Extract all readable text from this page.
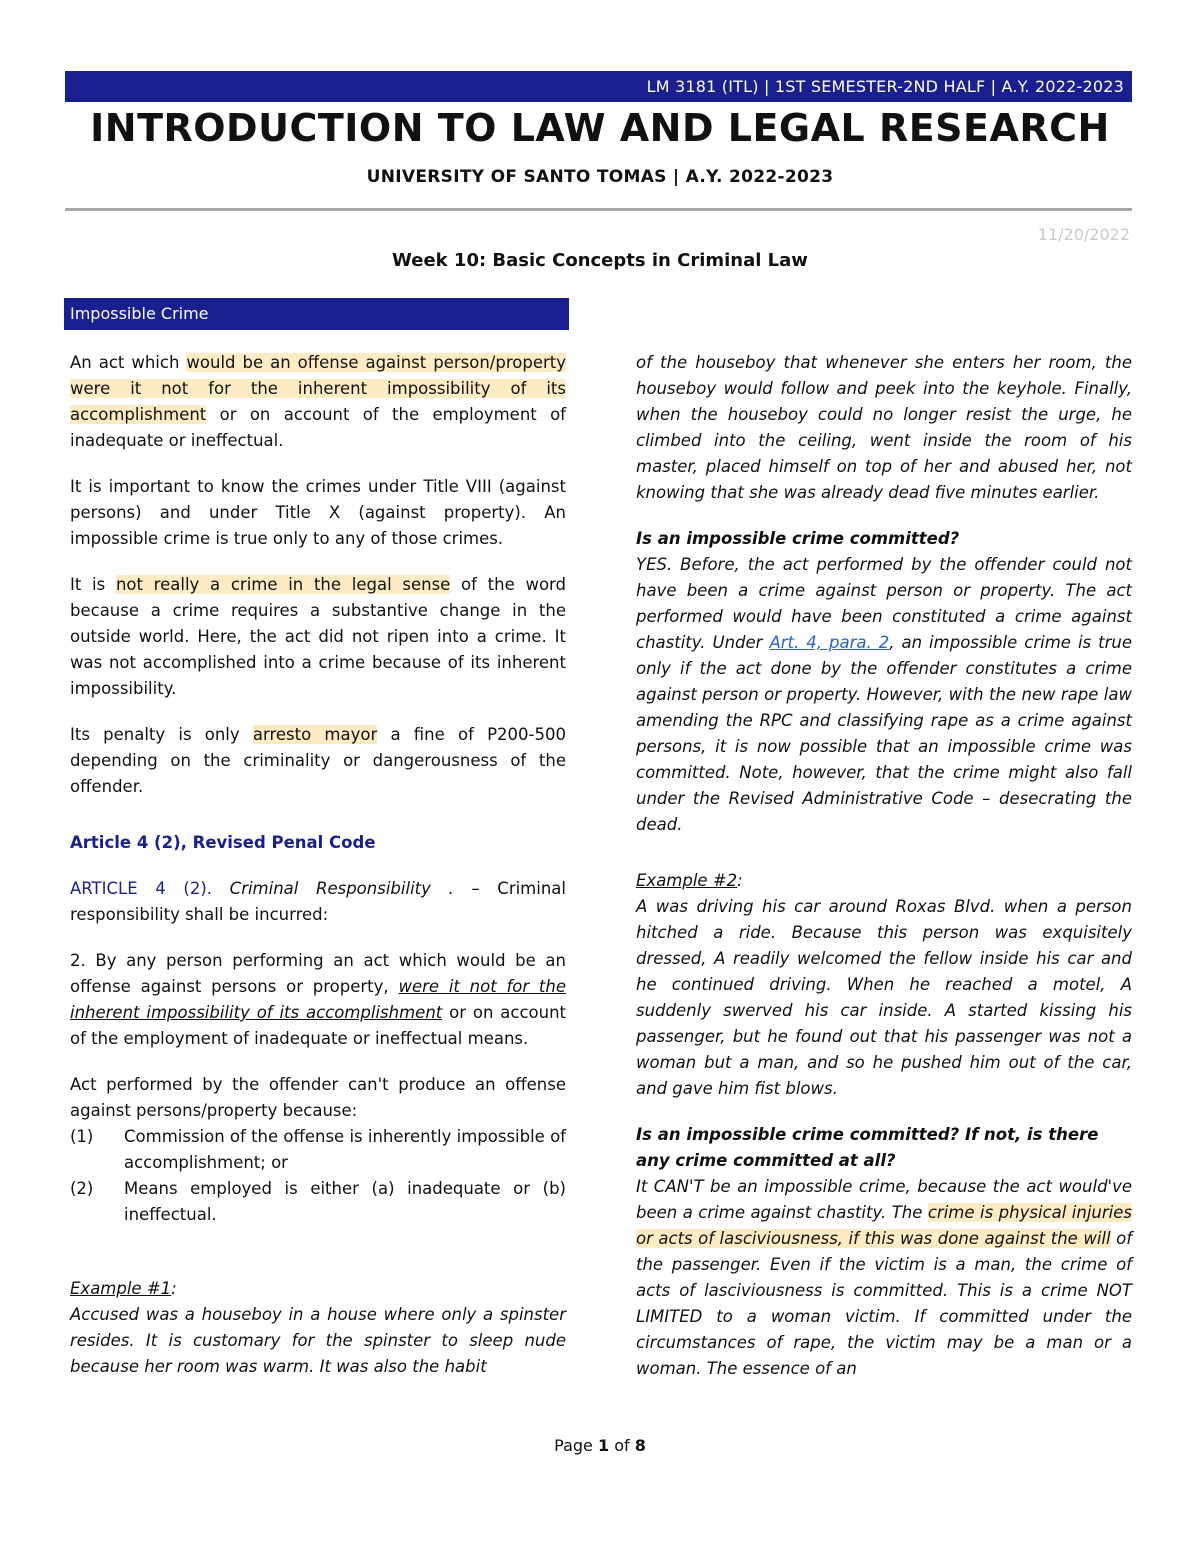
LM 3181 (ITL) | 1ST SEMESTER-2ND HALF | A.Y. 2022-2023
INTRODUCTION TO LAW AND LEGAL RESEARCH
UNIVERSITY OF SANTO TOMAS | A.Y. 2022-2023
11/20/2022
Week 10: Basic Concepts in Criminal Law
Impossible Crime

An act which would be an offense against person/property were it not for the inherent impossibility of its accomplishment or on account of the employment of inadequate or ineffectual.

It is important to know the crimes under Title VIII (against persons) and under Title X (against property). An impossible crime is true only to any of those crimes.

It is not really a crime in the legal sense of the word because a crime requires a substantive change in the outside world. Here, the act did not ripen into a crime. It was not accomplished into a crime because of its inherent impossibility.

Its penalty is only arresto mayor a fine of P200-500 depending on the criminality or dangerousness of the offender.

Article 4 (2), Revised Penal Code

ARTICLE 4 (2). Criminal Responsibility . – Criminal responsibility shall be incurred:

2. By any person performing an act which would be an offense against persons or property, were it not for the inherent impossibility of its accomplishment or on account of the employment of inadequate or ineffectual means.

Act performed by the offender can't produce an offense against persons/property because:

(1) Commission of the offense is inherently impossible of accomplishment; or
(2) Means employed is either (a) inadequate or (b) ineffectual.

Example #1:

Accused was a houseboy in a house where only a spinster resides. It is customary for the spinster to sleep nude because her room was warm. It was also the habit

of the houseboy that whenever she enters her room, the houseboy would follow and peek into the keyhole. Finally, when the houseboy could no longer resist the urge, he climbed into the ceiling, went inside the room of his master, placed himself on top of her and abused her, not knowing that she was already dead five minutes earlier.

Is an impossible crime committed?

YES. Before, the act performed by the offender could not have been a crime against person or property. The act performed would have been constituted a crime against chastity. Under Art. 4, para. 2, an impossible crime is true only if the act done by the offender constitutes a crime against person or property. However, with the new rape law amending the RPC and classifying rape as a crime against persons, it is now possible that an impossible crime was committed. Note, however, that the crime might also fall under the Revised Administrative Code – desecrating the dead.

Example #2:

A was driving his car around Roxas Blvd. when a person hitched a ride. Because this person was exquisitely dressed, A readily welcomed the fellow inside his car and he continued driving. When he reached a motel, A suddenly swerved his car inside. A started kissing his passenger, but he found out that his passenger was not a woman but a man, and so he pushed him out of the car, and gave him fist blows.

Is an impossible crime committed? If not, is there any crime committed at all?

It CAN'T be an impossible crime, because the act would've been a crime against chastity. The crime is physical injuries or acts of lasciviousness, if this was done against the will of the passenger. Even if the victim is a man, the crime of acts of lasciviousness is committed. This is a crime NOT LIMITED to a woman victim. If committed under the circumstances of rape, the victim may be a man or a woman. The essence of an

Page 1 of 8
